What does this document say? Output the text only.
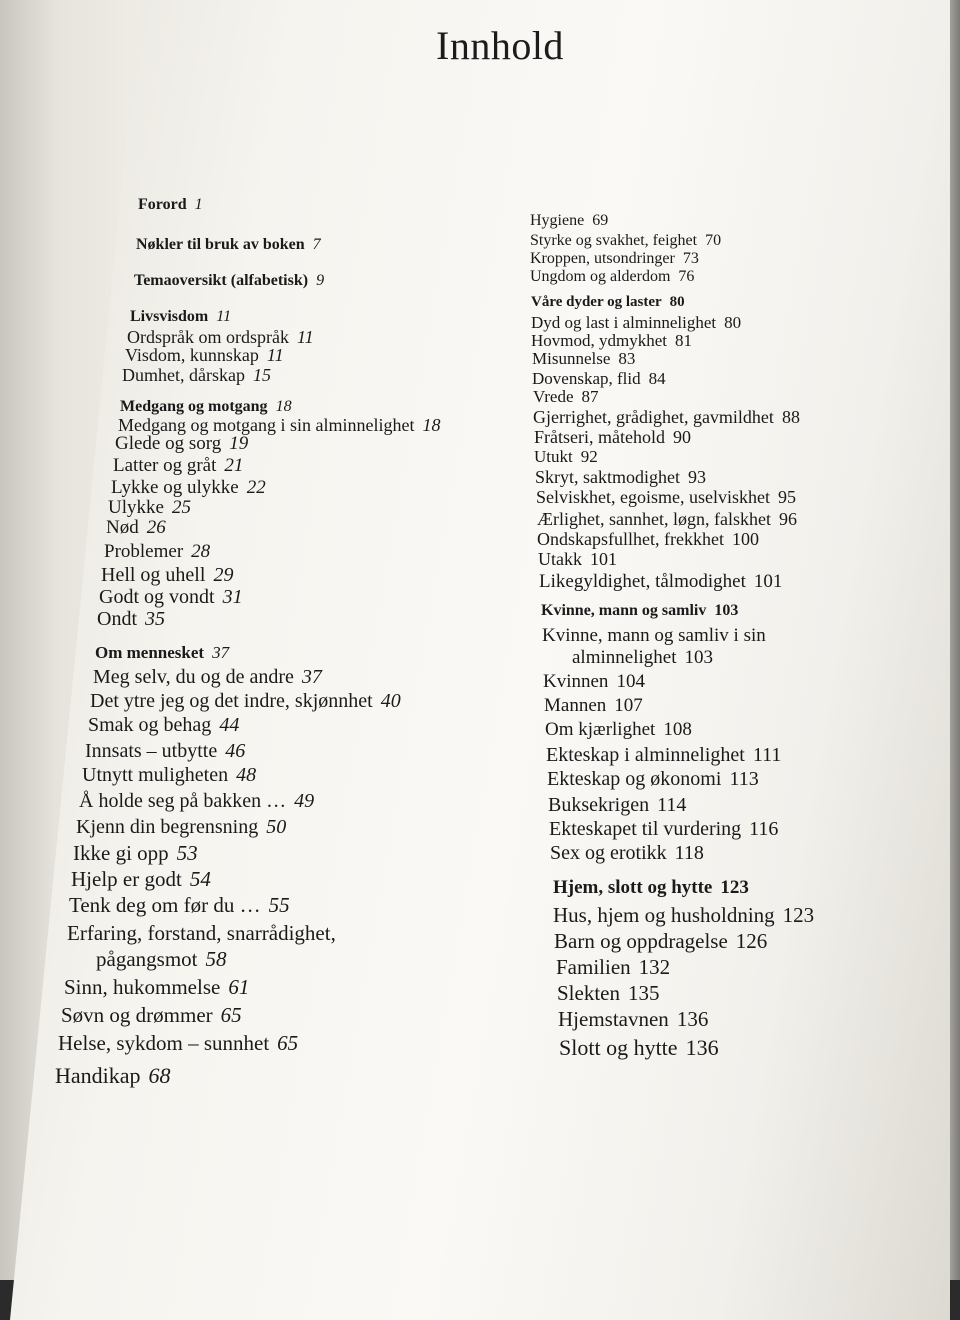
Innhold
Forord 1
Nøkler til bruk av boken 7
Temaoversikt (alfabetisk) 9
Livsvisdom 11
Ordspråk om ordspråk 11
Visdom, kunnskap 11
Dumhet, dårskap 15
Medgang og motgang 18
Medgang og motgang i sin alminnelighet 18
Glede og sorg 19
Latter og gråt 21
Lykke og ulykke 22
Ulykke 25
Nød 26
Problemer 28
Hell og uhell 29
Godt og vondt 31
Ondt 35
Om mennesket 37
Meg selv, du og de andre 37
Det ytre jeg og det indre, skjønnhet 40
Smak og behag 44
Innsats – utbytte 46
Utnytt muligheten 48
Å holde seg på bakken … 49
Kjenn din begrensning 50
Ikke gi opp 53
Hjelp er godt 54
Tenk deg om før du … 55
Erfaring, forstand, snarrådighet,
pågangsmot 58
Sinn, hukommelse 61
Søvn og drømmer 65
Helse, sykdom – sunnhet 65
Handikap 68
Hygiene 69
Styrke og svakhet, feighet 70
Kroppen, utsondringer 73
Ungdom og alderdom 76
Våre dyder og laster 80
Dyd og last i alminnelighet 80
Hovmod, ydmykhet 81
Misunnelse 83
Dovenskap, flid 84
Vrede 87
Gjerrighet, grådighet, gavmildhet 88
Fråtseri, måtehold 90
Utukt 92
Skryt, saktmodighet 93
Selviskhet, egoisme, uselviskhet 95
Ærlighet, sannhet, løgn, falskhet 96
Ondskapsfullhet, frekkhet 100
Utakk 101
Likegyldighet, tålmodighet 101
Kvinne, mann og samliv 103
Kvinne, mann og samliv i sin
alminnelighet 103
Kvinnen 104
Mannen 107
Om kjærlighet 108
Ekteskap i alminnelighet 111
Ekteskap og økonomi 113
Buksekrigen 114
Ekteskapet til vurdering 116
Sex og erotikk 118
Hjem, slott og hytte 123
Hus, hjem og husholdning 123
Barn og oppdragelse 126
Familien 132
Slekten 135
Hjemstavnen 136
Slott og hytte 136
